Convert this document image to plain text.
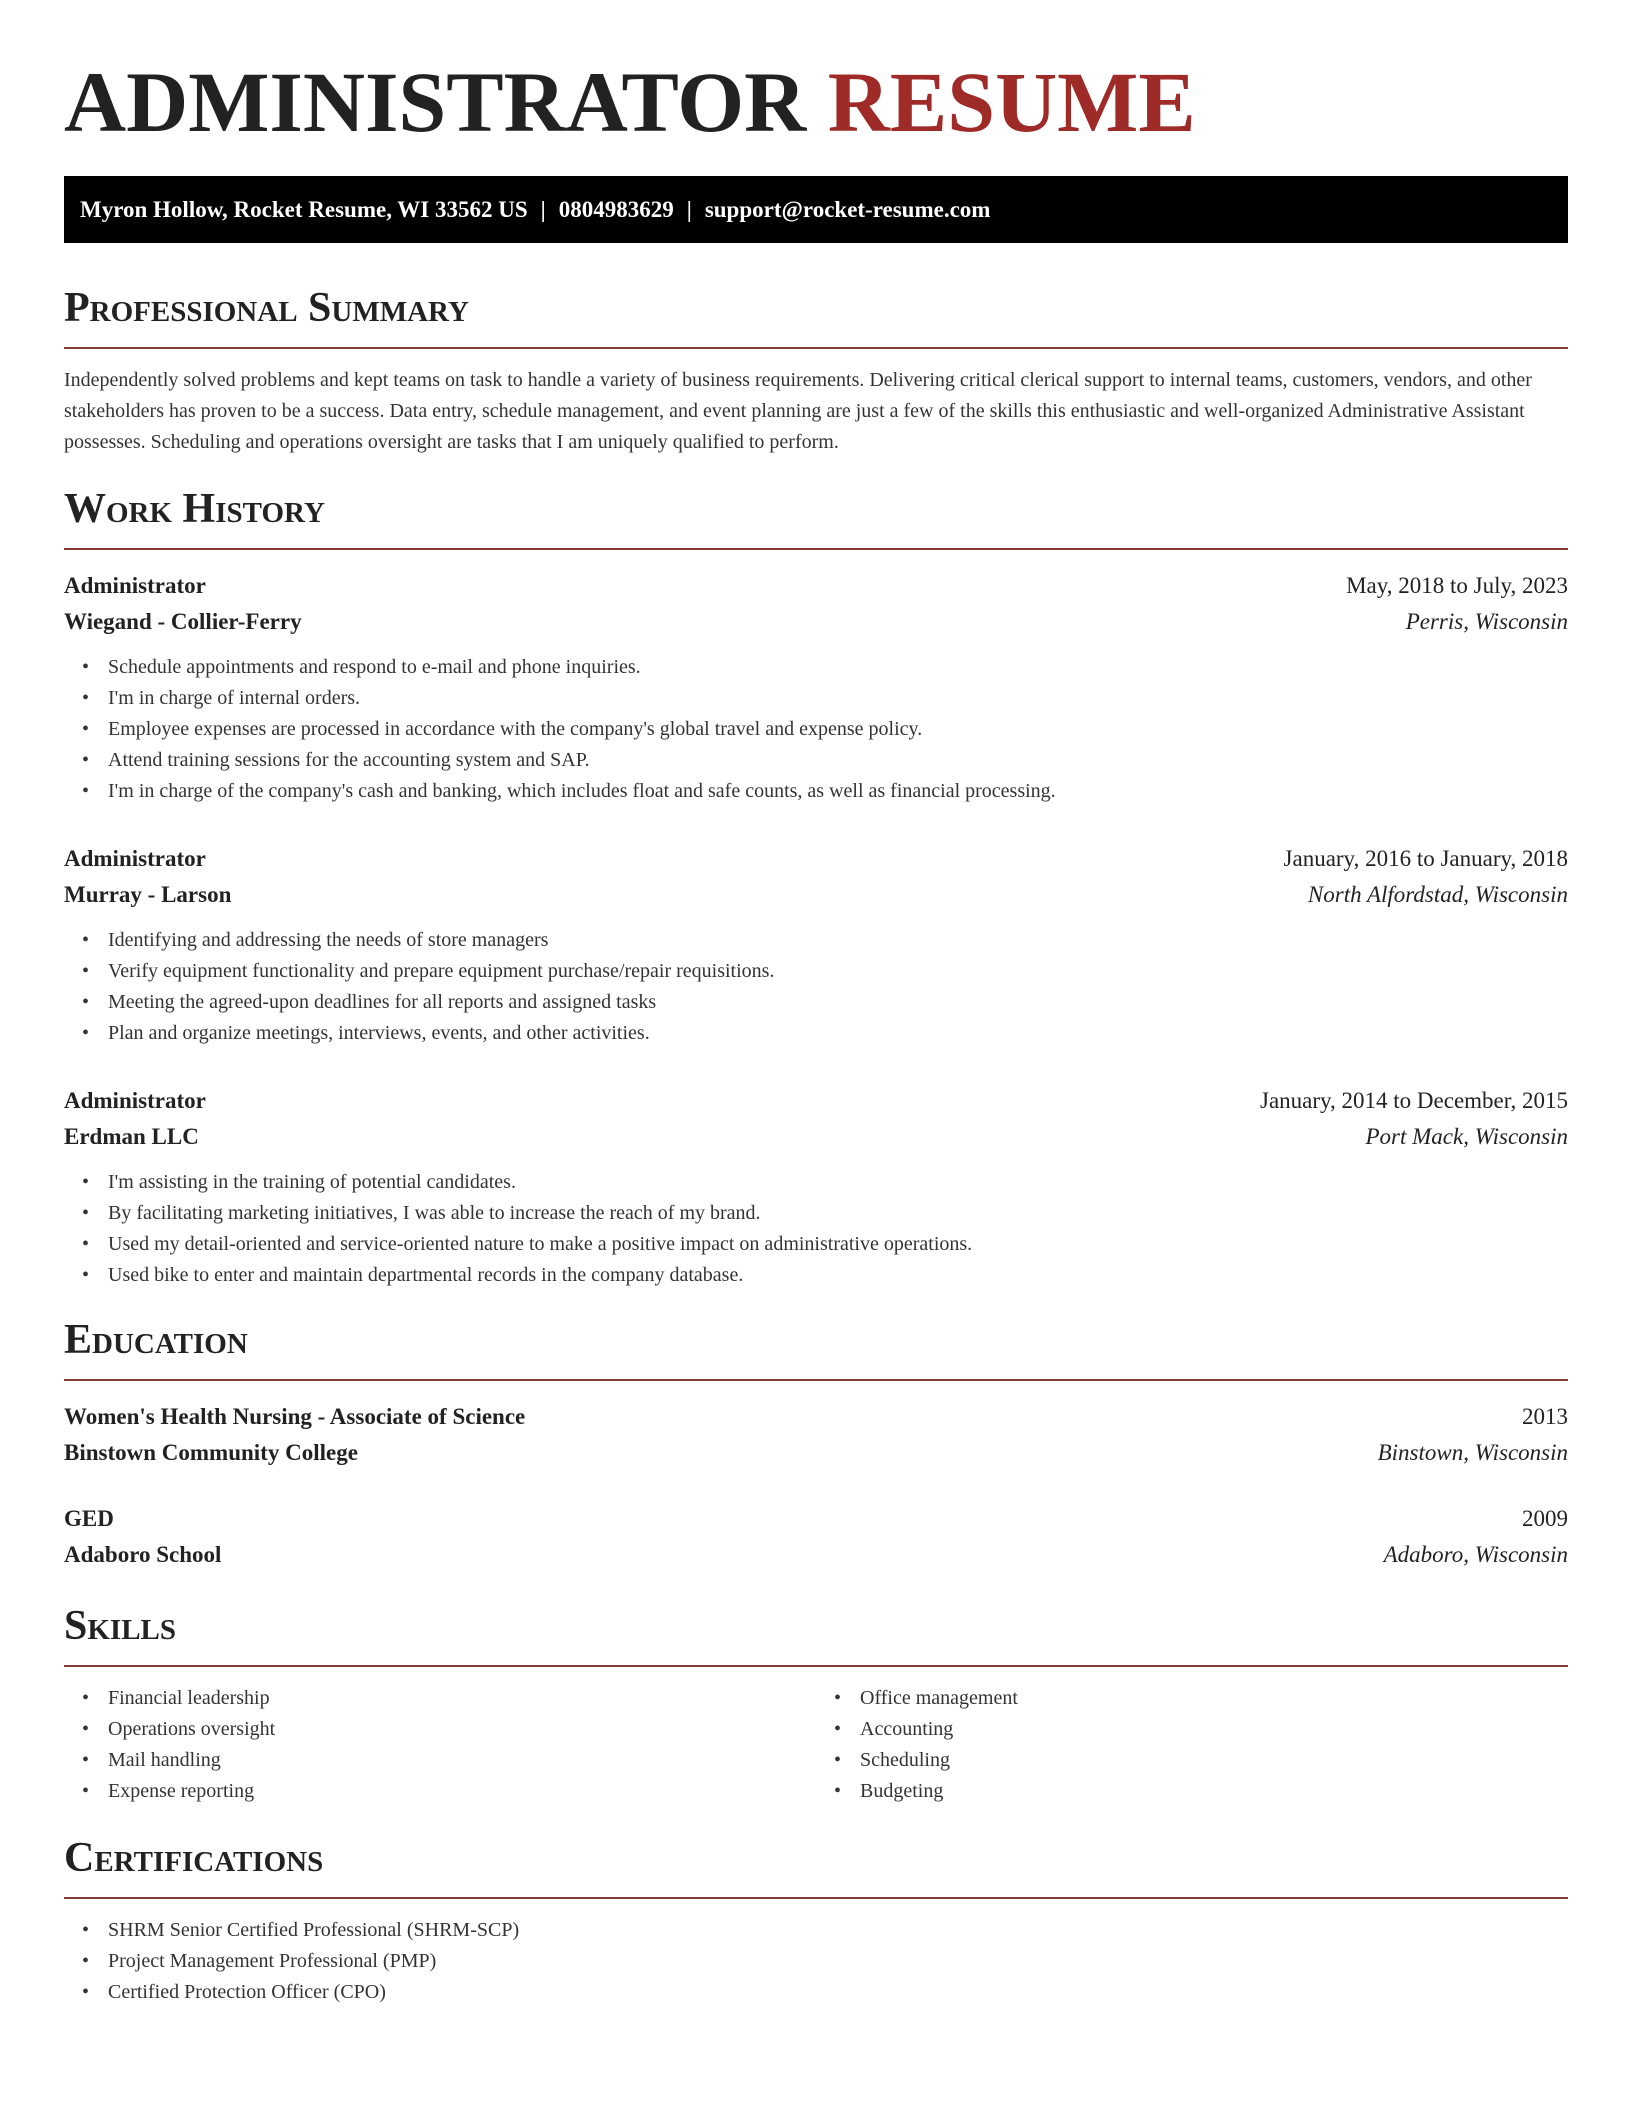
ADMINISTRATOR RESUME
Myron Hollow, Rocket Resume, WI 33562 US | 0804983629 | support@rocket-resume.com
Professional Summary

Independently solved problems and kept teams on task to handle a variety of business requirements. Delivering critical clerical support to internal teams, customers, vendors, and other stakeholders has proven to be a success. Data entry, schedule management, and event planning are just a few of the skills this enthusiastic and well-organized Administrative Assistant possesses. Scheduling and operations oversight are tasks that I am uniquely qualified to perform.

Work History
Administrator	May, 2018 to July, 2023
Wiegand - Collier-Ferry	Perris, Wisconsin
• Schedule appointments and respond to e-mail and phone inquiries.
• I'm in charge of internal orders.
• Employee expenses are processed in accordance with the company's global travel and expense policy.
• Attend training sessions for the accounting system and SAP.
• I'm in charge of the company's cash and banking, which includes float and safe counts, as well as financial processing.
Administrator	January, 2016 to January, 2018
Murray - Larson	North Alfordstad, Wisconsin
• Identifying and addressing the needs of store managers
• Verify equipment functionality and prepare equipment purchase/repair requisitions.
• Meeting the agreed-upon deadlines for all reports and assigned tasks
• Plan and organize meetings, interviews, events, and other activities.
Administrator	January, 2014 to December, 2015
Erdman LLC	Port Mack, Wisconsin
• I'm assisting in the training of potential candidates.
• By facilitating marketing initiatives, I was able to increase the reach of my brand.
• Used my detail-oriented and service-oriented nature to make a positive impact on administrative operations.
• Used bike to enter and maintain departmental records in the company database.
Education
Women's Health Nursing - Associate of Science	2013
Binstown Community College	Binstown, Wisconsin
GED	2009
Adaboro School	Adaboro, Wisconsin
Skills
• Financial leadership
• Operations oversight
• Mail handling
• Expense reporting
• Office management
• Accounting
• Scheduling
• Budgeting
Certifications
• SHRM Senior Certified Professional (SHRM-SCP)
• Project Management Professional (PMP)
• Certified Protection Officer (CPO)
